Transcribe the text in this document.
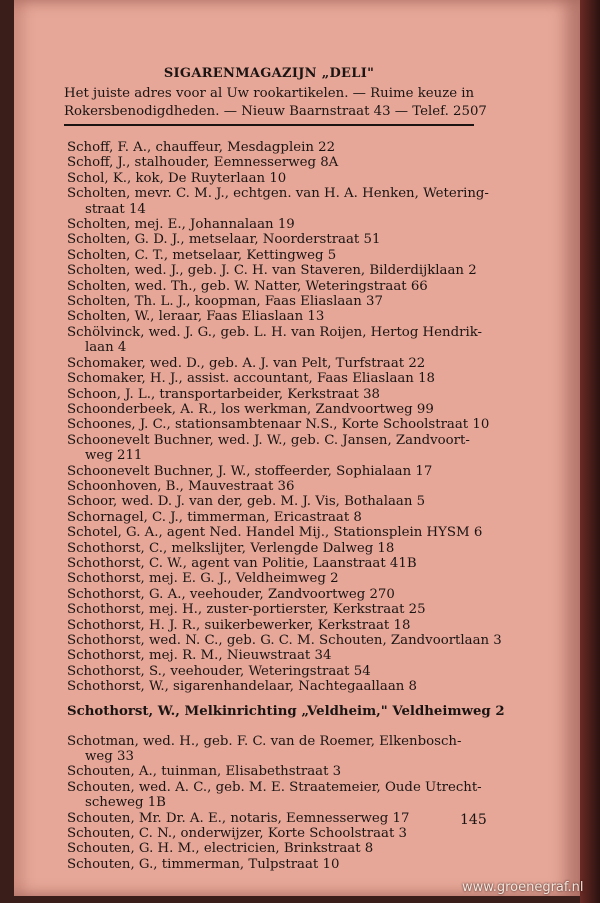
SIGARENMAGAZIJN „DELI"
Het juiste adres voor al Uw rookartikelen. — Ruime keuze in
Rokersbenodigdheden. — Nieuw Baarnstraat 43 — Telef. 2507
Schoff, F. A., chauffeur, Mesdagplein 22
Schoff, J., stalhouder, Eemnesserweg 8A
Schol, K., kok, De Ruyterlaan 10
Scholten, mevr. C. M. J., echtgen. van H. A. Henken, Wetering-
straat 14
Scholten, mej. E., Johannalaan 19
Scholten, G. D. J., metselaar, Noorderstraat 51
Scholten, C. T., metselaar, Kettingweg 5
Scholten, wed. J., geb. J. C. H. van Staveren, Bilderdijklaan 2
Scholten, wed. Th., geb. W. Natter, Weteringstraat 66
Scholten, Th. L. J., koopman, Faas Eliaslaan 37
Scholten, W., leraar, Faas Eliaslaan 13
Schölvinck, wed. J. G., geb. L. H. van Roijen, Hertog Hendrik-
laan 4
Schomaker, wed. D., geb. A. J. van Pelt, Turfstraat 22
Schomaker, H. J., assist. accountant, Faas Eliaslaan 18
Schoon, J. L., transportarbeider, Kerkstraat 38
Schoonderbeek, A. R., los werkman, Zandvoortweg 99
Schoones, J. C., stationsambtenaar N.S., Korte Schoolstraat 10
Schoonevelt Buchner, wed. J. W., geb. C. Jansen, Zandvoort-
weg 211
Schoonevelt Buchner, J. W., stoffeerder, Sophialaan 17
Schoonhoven, B., Mauvestraat 36
Schoor, wed. D. J. van der, geb. M. J. Vis, Bothalaan 5
Schornagel, C. J., timmerman, Ericastraat 8
Schotel, G. A., agent Ned. Handel Mij., Stationsplein HYSM 6
Schothorst, C., melkslijter, Verlengde Dalweg 18
Schothorst, C. W., agent van Politie, Laanstraat 41B
Schothorst, mej. E. G. J., Veldheimweg 2
Schothorst, G. A., veehouder, Zandvoortweg 270
Schothorst, mej. H., zuster-portierster, Kerkstraat 25
Schothorst, H. J. R., suikerbewerker, Kerkstraat 18
Schothorst, wed. N. C., geb. G. C. M. Schouten, Zandvoortlaan 3
Schothorst, mej. R. M., Nieuwstraat 34
Schothorst, S., veehouder, Weteringstraat 54
Schothorst, W., sigarenhandelaar, Nachtegaallaan 8
Schothorst, W., Melkinrichting „Veldheim," Veldheimweg 2
Schotman, wed. H., geb. F. C. van de Roemer, Elkenbosch-
weg 33
Schouten, A., tuinman, Elisabethstraat 3
Schouten, wed. A. C., geb. M. E. Straatemeier, Oude Utrecht-
scheweg 1B
Schouten, Mr. Dr. A. E., notaris, Eemnesserweg 17
Schouten, C. N., onderwijzer, Korte Schoolstraat 3
Schouten, G. H. M., electricien, Brinkstraat 8
Schouten, G., timmerman, Tulpstraat 10
145
www.groenegraf.nl
